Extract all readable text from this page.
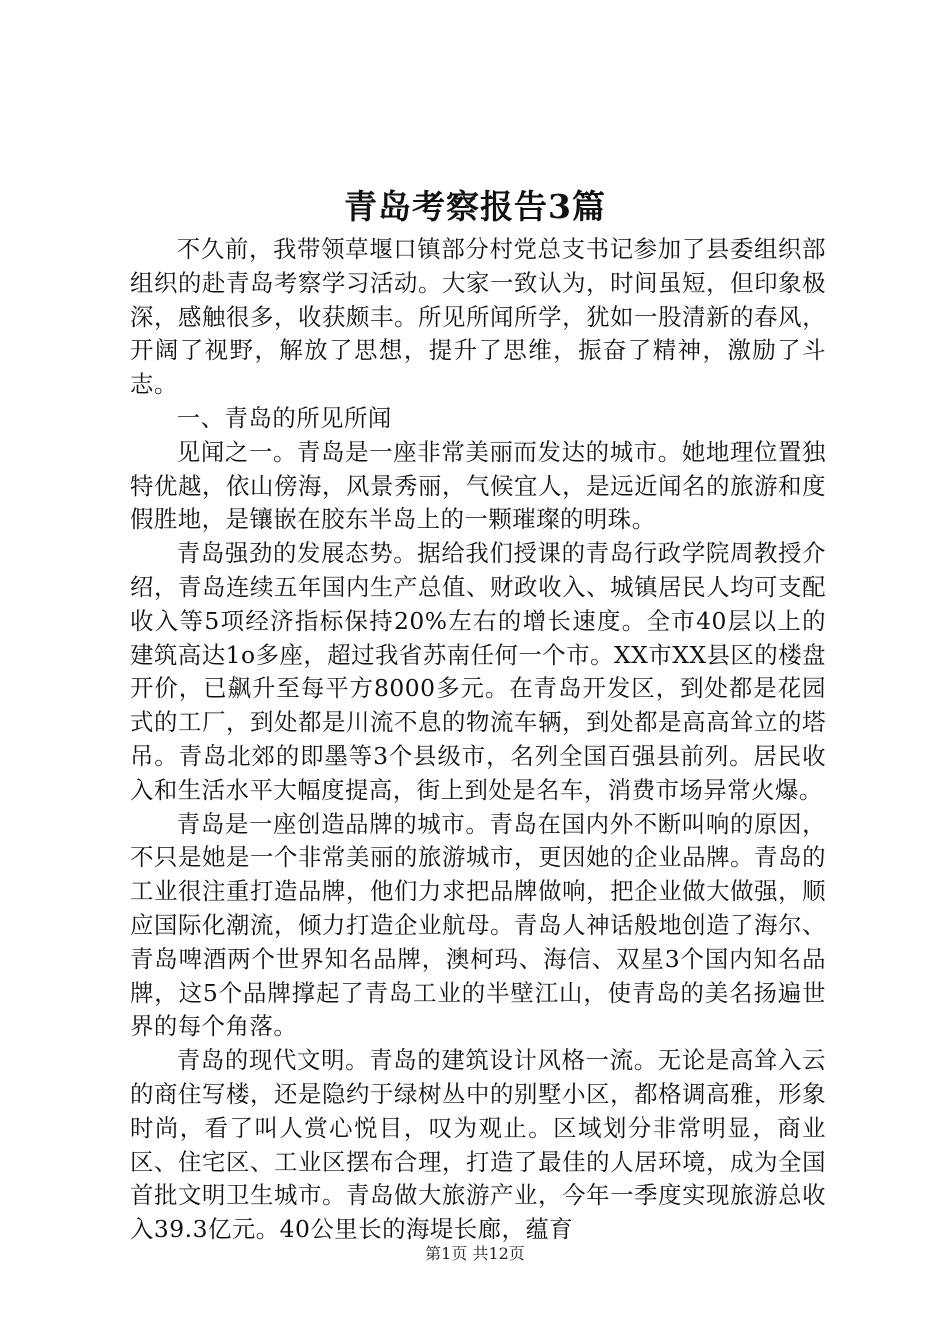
青岛考察报告3篇

不久前，我带领草堰口镇部分村党总支书记参加了县委组织部组织的赴青岛考察学习活动。大家一致认为，时间虽短，但印象极深，感触很多，收获颇丰。所见所闻所学，犹如一股清新的春风，开阔了视野，解放了思想，提升了思维，振奋了精神，激励了斗志。

一、青岛的所见所闻

见闻之一。青岛是一座非常美丽而发达的城市。她地理位置独特优越，依山傍海，风景秀丽，气候宜人，是远近闻名的旅游和度假胜地，是镶嵌在胶东半岛上的一颗璀璨的明珠。

青岛强劲的发展态势。据给我们授课的青岛行政学院周教授介绍，青岛连续五年国内生产总值、财政收入、城镇居民人均可支配收入等5项经济指标保持20%左右的增长速度。全市40层以上的建筑高达1o多座，超过我省苏南任何一个市。XX市XX县区的楼盘开价，已飙升至每平方8000多元。在青岛开发区，到处都是花园式的工厂，到处都是川流不息的物流车辆，到处都是高高耸立的塔吊。青岛北郊的即墨等3个县级市，名列全国百强县前列。居民收入和生活水平大幅度提高，街上到处是名车，消费市场异常火爆。

青岛是一座创造品牌的城市。青岛在国内外不断叫响的原因，不只是她是一个非常美丽的旅游城市，更因她的企业品牌。青岛的工业很注重打造品牌，他们力求把品牌做响，把企业做大做强，顺应国际化潮流，倾力打造企业航母。青岛人神话般地创造了海尔、青岛啤酒两个世界知名品牌，澳柯玛、海信、双星3个国内知名品牌，这5个品牌撑起了青岛工业的半壁江山，使青岛的美名扬遍世界的每个角落。

青岛的现代文明。青岛的建筑设计风格一流。无论是高耸入云的商住写楼，还是隐约于绿树丛中的别墅小区，都格调高雅，形象时尚，看了叫人赏心悦目，叹为观止。区域划分非常明显，商业区、住宅区、工业区摆布合理，打造了最佳的人居环境，成为全国首批文明卫生城市。青岛做大旅游产业，今年一季度实现旅游总收入39.3亿元。40公里长的海堤长廊，蕴育

第1页 共12页
